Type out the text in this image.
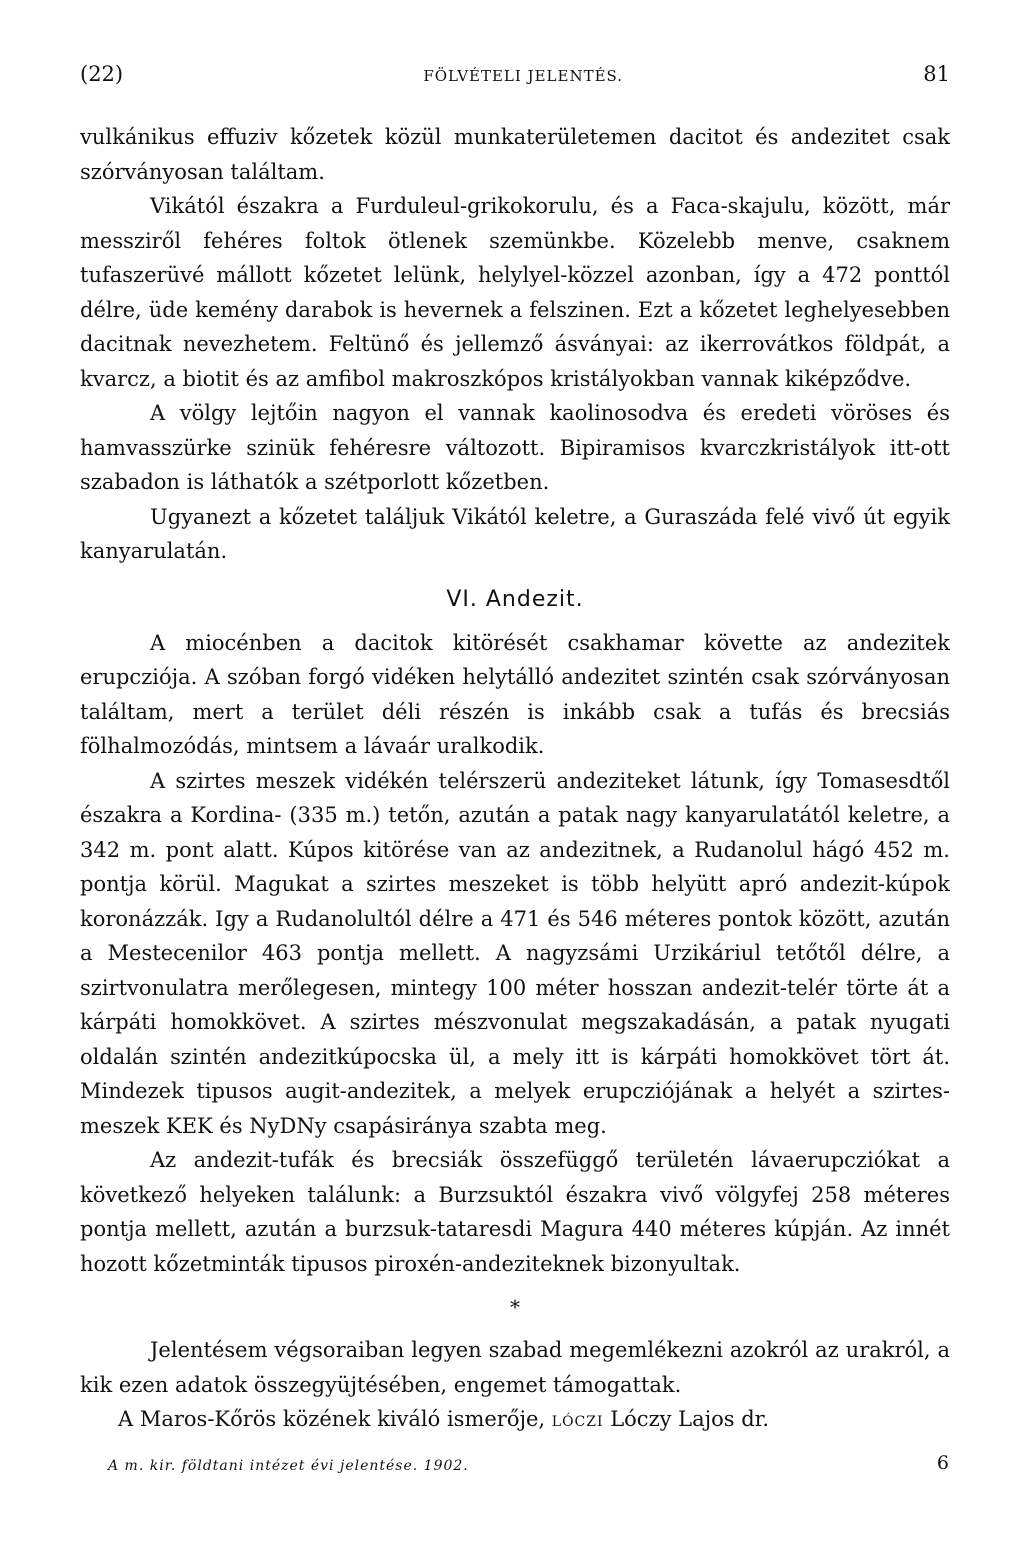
(22)	FÖLVÉTELI JELENTÉS.	81

vulkánikus effuziv kőzetek közül munkaterületemen dacitot és andezitet csak szórványosan találtam.

Vikától északra a Furduleul-grikokorulu, és a Faca-skajulu, között, már messziről fehéres foltok ötlenek szemünkbe. Közelebb menve, csaknem tufaszerüvé mállott kőzetet lelünk, helylyel-közzel azonban, így a 472 ponttól délre, üde kemény darabok is hevernek a felszinen. Ezt a kőzetet leghelyesebben dacitnak nevezhetem. Feltünő és jellemző ásványai: az ikerrovátkos földpát, a kvarcz, a biotit és az amfibol makroszkópos kristályokban vannak kiképződve.

A völgy lejtőin nagyon el vannak kaolinosodva és eredeti vöröses és hamvasszürke szinük fehéresre változott. Bipiramisos kvarczkristályok itt-ott szabadon is láthatók a szétporlott kőzetben.

Ugyanezt a kőzetet találjuk Vikától keletre, a Guraszáda felé vivő út egyik kanyarulatán.

VI. Andezit.

A miocénben a dacitok kitörését csakhamar követte az andezitek erupcziója. A szóban forgó vidéken helytálló andezitet szintén csak szórványosan találtam, mert a terület déli részén is inkább csak a tufás és brecsiás fölhalmozódás, mintsem a lávaár uralkodik.

A szirtes meszek vidékén telérszerü andeziteket látunk, így Tomasesdtől északra a Kordina- (335 m.) tetőn, azután a patak nagy kanyarulatától keletre, a 342 m. pont alatt. Kúpos kitörése van az andezitnek, a Rudanolul hágó 452 m. pontja körül. Magukat a szirtes meszeket is több helyütt apró andezit-kúpok koronázzák. Igy a Rudanolultól délre a 471 és 546 méteres pontok között, azután a Mestecenilor 463 pontja mellett. A nagyzsámi Urzikáriul tetőtől délre, a szirtvonulatra merőlegesen, mintegy 100 méter hosszan andezit-telér törte át a kárpáti homokkövet. A szirtes mészvonulat megszakadásán, a patak nyugati oldalán szintén andezitkúpocska ül, a mely itt is kárpáti homokkövet tört át. Mindezek tipusos augit-andezitek, a melyek erupcziójának a helyét a szirtes-meszek KEK és NyDNy csapásiránya szabta meg.

Az andezit-tufák és brecsiák összefüggő területén lávaerupcziókat a következő helyeken találunk: a Burzsuktól északra vivő völgyfej 258 méteres pontja mellett, azután a burzsuk-tataresdi Magura 440 méteres kúpján. Az innét hozott kőzetminták tipusos piroxén-andeziteknek bizonyultak.

*

Jelentésem végsoraiban legyen szabad megemlékezni azokról az urakról, a kik ezen adatok összegyüjtésében, engemet támogattak.

A Maros-Kőrös közének kiváló ismerője, LÓCZI Lóczy Lajos dr.

A m. kir. földtani intézet évi jelentése. 1902.	6
